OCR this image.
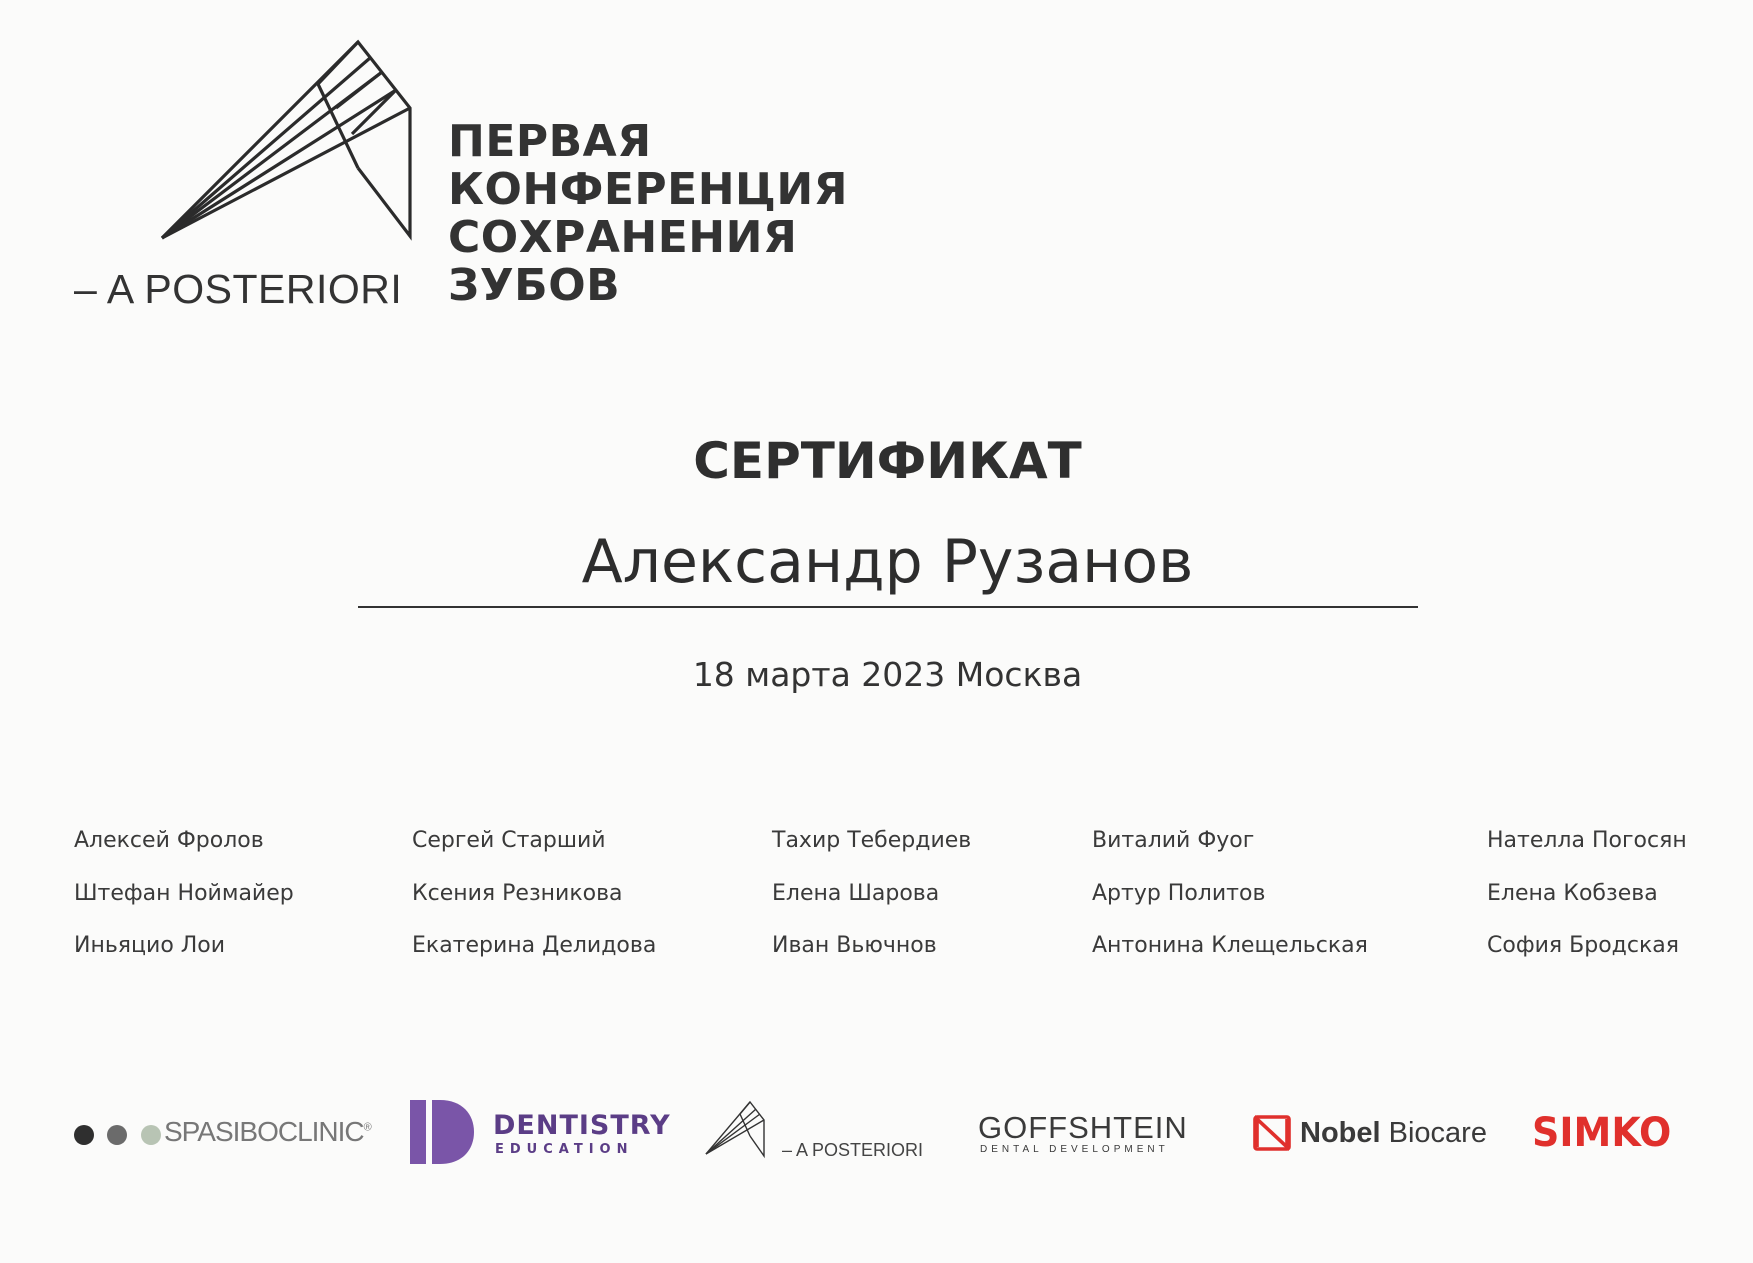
– A POSTERIORI
ПЕРВАЯ
КОНФЕРЕНЦИЯ
СОХРАНЕНИЯ
ЗУБОВ
СЕРТИФИКАТ
Александр Рузанов
18 марта 2023 Москва
Алексей Фролов
Штефан Ноймайер
Иньяцио Лои
Сергей Старший
Ксения Резникова
Екатерина Делидова
Тахир Тебердиев
Елена Шарова
Иван Вьючнов
Виталий Фуог
Артур Политов
Антонина Клещельская
Нателла Погосян
Елена Кобзева
София Бродская

SPASIBOCLINIC®	DENTISTRY
EDUCATION	– A POSTERIORI
GOFFSHTEIN
DENTAL DEVELOPMENT
Nobel Biocare SIMKO
